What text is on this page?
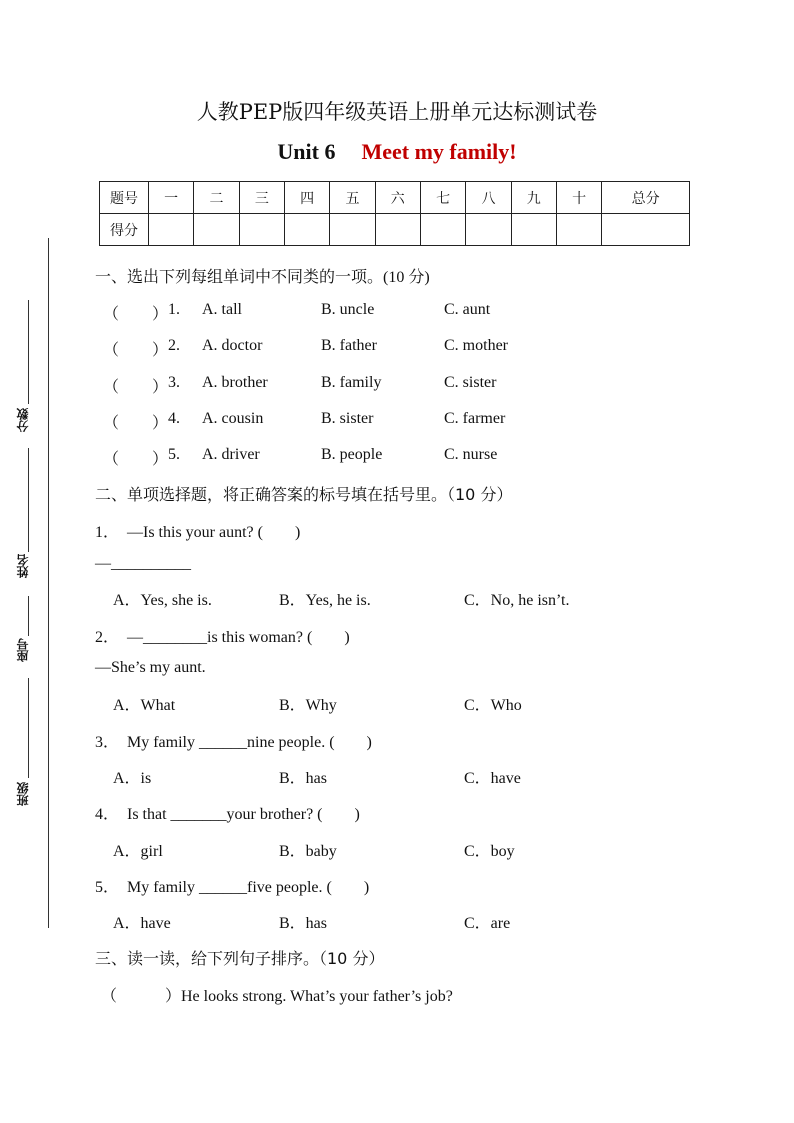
人教PEP版四年级英语上册单元达标测试卷
Unit 6 Meet my family!
题号	一	二	三	四	五	六	七	八	九	十	总分
得分											
分数
姓名
座号
班级
一、选出下列每组单词中不同类的一项。(10 分)
（ ） 1. A. tall	B. uncle	C. aunt
（ ） 2. A. doctor	B. father	C. mother
（ ） 3. A. brother	B. family	C. sister
（ ） 4. A. cousin	B. sister	C. farmer
（ ） 5. A. driver	B. people	C. nurse
二、单项选择题，将正确答案的标号填在括号里。（10 分）
1．　—Is this your aunt? (　　)
—__________
A．Yes, she is.	B．Yes, he is.	C．No, he isn’t.
2．　—________is this woman? (　　)
—She’s my aunt.
A．What	B．Why	C．Who
3．　My family ______nine people. (　　)
A．is	B．has	C．have
4．　Is that _______your brother? (　　)
A．girl	B．baby	C．boy
5．　My family ______five people. (　　)
A．have	B．has	C．are
三、读一读，给下列句子排序。（10 分）
（　　　）He looks strong. What’s your father’s job?
